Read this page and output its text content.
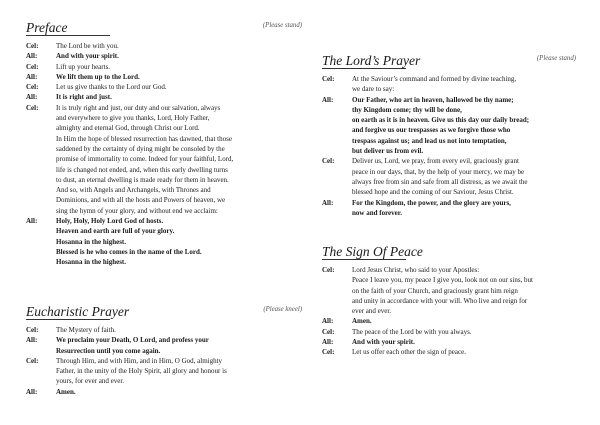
Preface	(Please stand)
Cel:	The Lord be with you.
All:	And with your spirit.
Cel:	Lift up your hearts.
All:	We lift them up to the Lord.
Cel:	Let us give thanks to the Lord our God.
All:	It is right and just.
Cel:	It is truly right and just, our duty and our salvation, always
and everywhere to give you thanks, Lord, Holy Father,
almighty and eternal God, through Christ our Lord.
In Him the hope of blessed resurrection has dawned, that those
saddened by the certainty of dying might be consoled by the
promise of immortality to come. Indeed for your faithful, Lord,
life is changed not ended, and, when this early dwelling turns
to dust, an eternal dwelling is made ready for them in heaven.
And so, with Angels and Archangels, with Thrones and
Dominions, and with all the hosts and Powers of heaven, we
sing the hymn of your glory, and without end we acclaim:
All:	Holy, Holy, Holy Lord God of hosts.
Heaven and earth are full of your glory.
Hosanna in the highest.
Blessed is he who comes in the name of the Lord.
Hosanna in the highest.
Eucharistic Prayer	(Please kneel)
Cel:	The Mystery of faith.
All:	We proclaim your Death, O Lord, and profess your
Resurrection until you come again.
Cel:	Through Him, and with Him, and in Him, O God, almighty
Father, in the unity of the Holy Spirit, all glory and honour is
yours, for ever and ever.
All:	Amen.
The Lord’s Prayer	(Please stand)
Cel:	At the Saviour’s command and formed by divine teaching,
we dare to say:
All:	Our Father, who art in heaven, hallowed be thy name;
thy Kingdom come; thy will be done,
on earth as it is in heaven. Give us this day our daily bread;
and forgive us our trespasses as we forgive those who
trespass against us; and lead us not into temptation,
but deliver us from evil.
Cel:	Deliver us, Lord, we pray, from every evil, graciously grant
peace in our days, that, by the help of your mercy, we may be
always free from sin and safe from all distress, as we await the
blessed hope and the coming of our Saviour, Jesus Christ.
All:	For the Kingdom, the power, and the glory are yours,
now and forever.
The Sign Of Peace
Cel:	Lord Jesus Christ, who said to your Apostles:
Peace I leave you, my peace I give you, look not on our sins, but
on the faith of your Church, and graciously grant him reign
and unity in accordance with your will. Who live and reign for
ever and ever.
All:	Amen.
Cel:	The peace of the Lord be with you always.
All:	And with your spirit.
Cel:	Let us offer each other the sign of peace.
